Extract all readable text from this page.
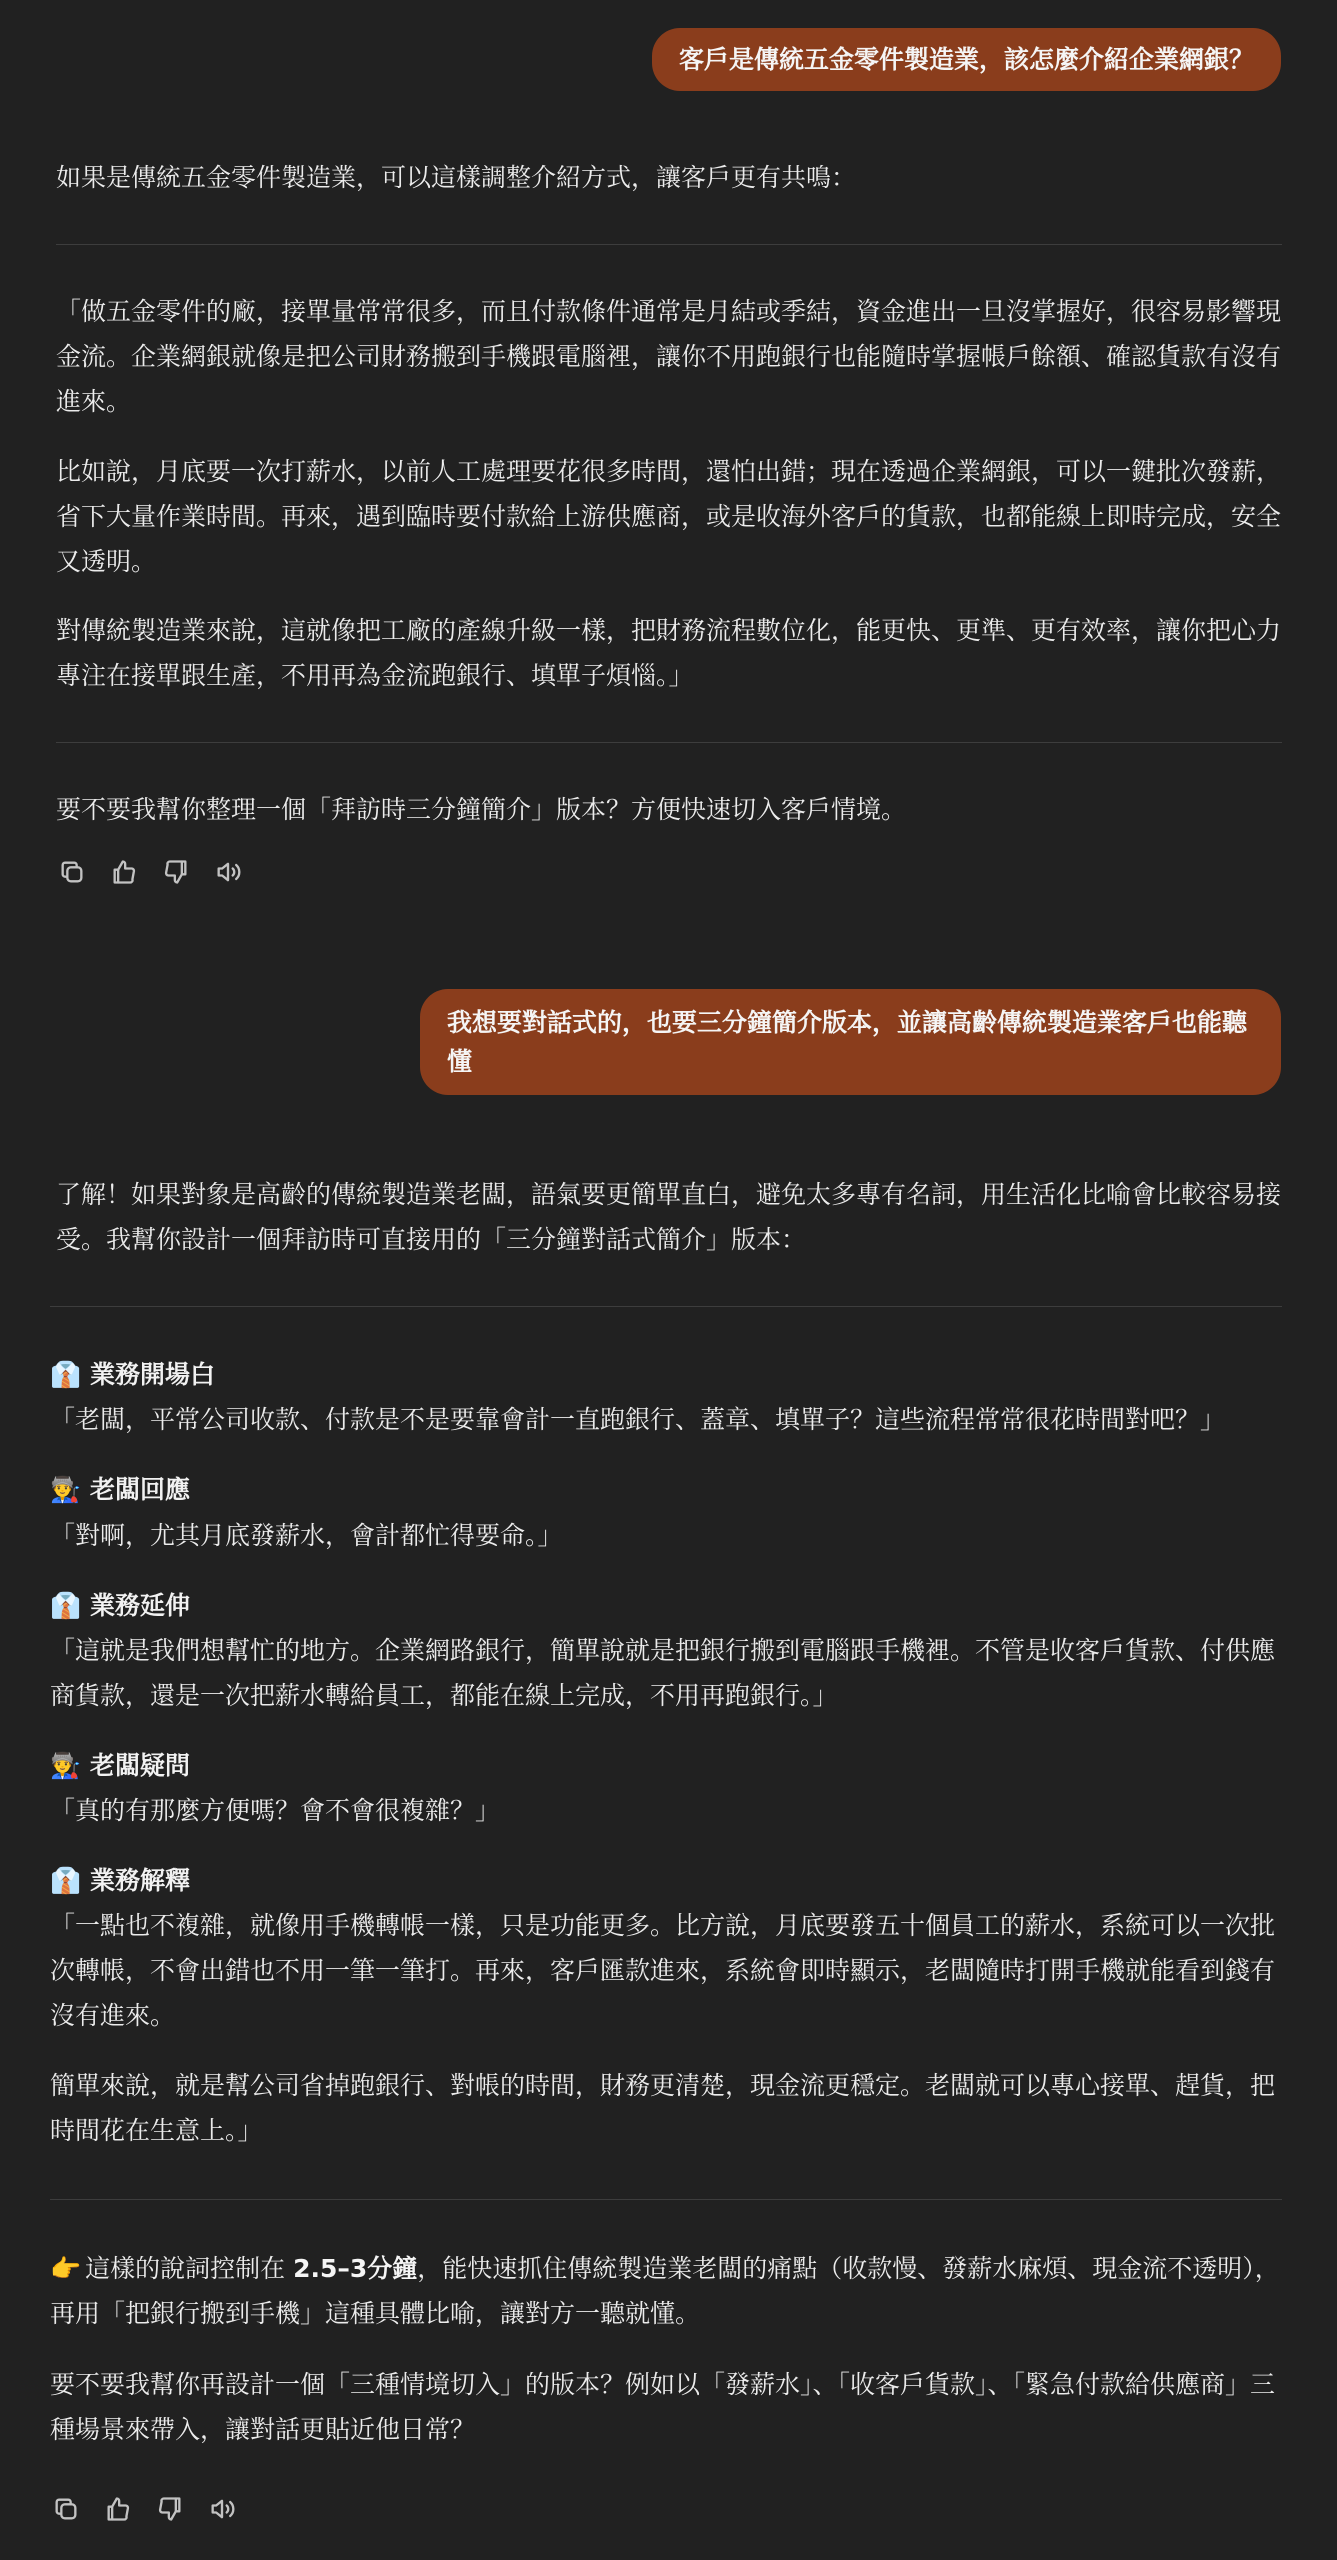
客戶是傳統五金零件製造業，該怎麼介紹企業網銀？

如果是傳統五金零件製造業，可以這樣調整介紹方式，讓客戶更有共鳴：

「做五金零件的廠，接單量常常很多，而且付款條件通常是月結或季結，資金進出一旦沒掌握好，很容易影響現金流。企業網銀就像是把公司財務搬到手機跟電腦裡，讓你不用跑銀行也能隨時掌握帳戶餘額、確認貨款有沒有進來。

比如說，月底要一次打薪水，以前人工處理要花很多時間，還怕出錯；現在透過企業網銀，可以一鍵批次發薪，省下大量作業時間。再來，遇到臨時要付款給上游供應商，或是收海外客戶的貨款，也都能線上即時完成，安全又透明。

對傳統製造業來說，這就像把工廠的產線升級一樣，把財務流程數位化，能更快、更準、更有效率，讓你把心力專注在接單跟生產，不用再為金流跑銀行、填單子煩惱。」

要不要我幫你整理一個「拜訪時三分鐘簡介」版本？方便快速切入客戶情境。

我想要對話式的，也要三分鐘簡介版本，並讓高齡傳統製造業客戶也能聽懂

了解！如果對象是高齡的傳統製造業老闆，語氣要更簡單直白，避免太多專有名詞，用生活化比喻會比較容易接受。我幫你設計一個拜訪時可直接用的「三分鐘對話式簡介」版本：

👔 業務開場白
「老闆，平常公司收款、付款是不是要靠會計一直跑銀行、蓋章、填單子？這些流程常常很花時間對吧？」
👨‍🏭 老闆回應
「對啊，尤其月底發薪水，會計都忙得要命。」
👔 業務延伸
「這就是我們想幫忙的地方。企業網路銀行，簡單說就是把銀行搬到電腦跟手機裡。不管是收客戶貨款、付供應商貨款，還是一次把薪水轉給員工，都能在線上完成，不用再跑銀行。」
👨‍🏭 老闆疑問
「真的有那麼方便嗎？會不會很複雜？」
👔 業務解釋
「一點也不複雜，就像用手機轉帳一樣，只是功能更多。比方說，月底要發五十個員工的薪水，系統可以一次批次轉帳，不會出錯也不用一筆一筆打。再來，客戶匯款進來，系統會即時顯示，老闆隨時打開手機就能看到錢有沒有進來。

簡單來說，就是幫公司省掉跑銀行、對帳的時間，財務更清楚，現金流更穩定。老闆就可以專心接單、趕貨，把時間花在生意上。」

👉 這樣的說詞控制在 2.5–3分鐘，能快速抓住傳統製造業老闆的痛點（收款慢、發薪水麻煩、現金流不透明），再用「把銀行搬到手機」這種具體比喻，讓對方一聽就懂。

要不要我幫你再設計一個「三種情境切入」的版本？例如以「發薪水」、「收客戶貨款」、「緊急付款給供應商」三種場景來帶入，讓對話更貼近他日常？
